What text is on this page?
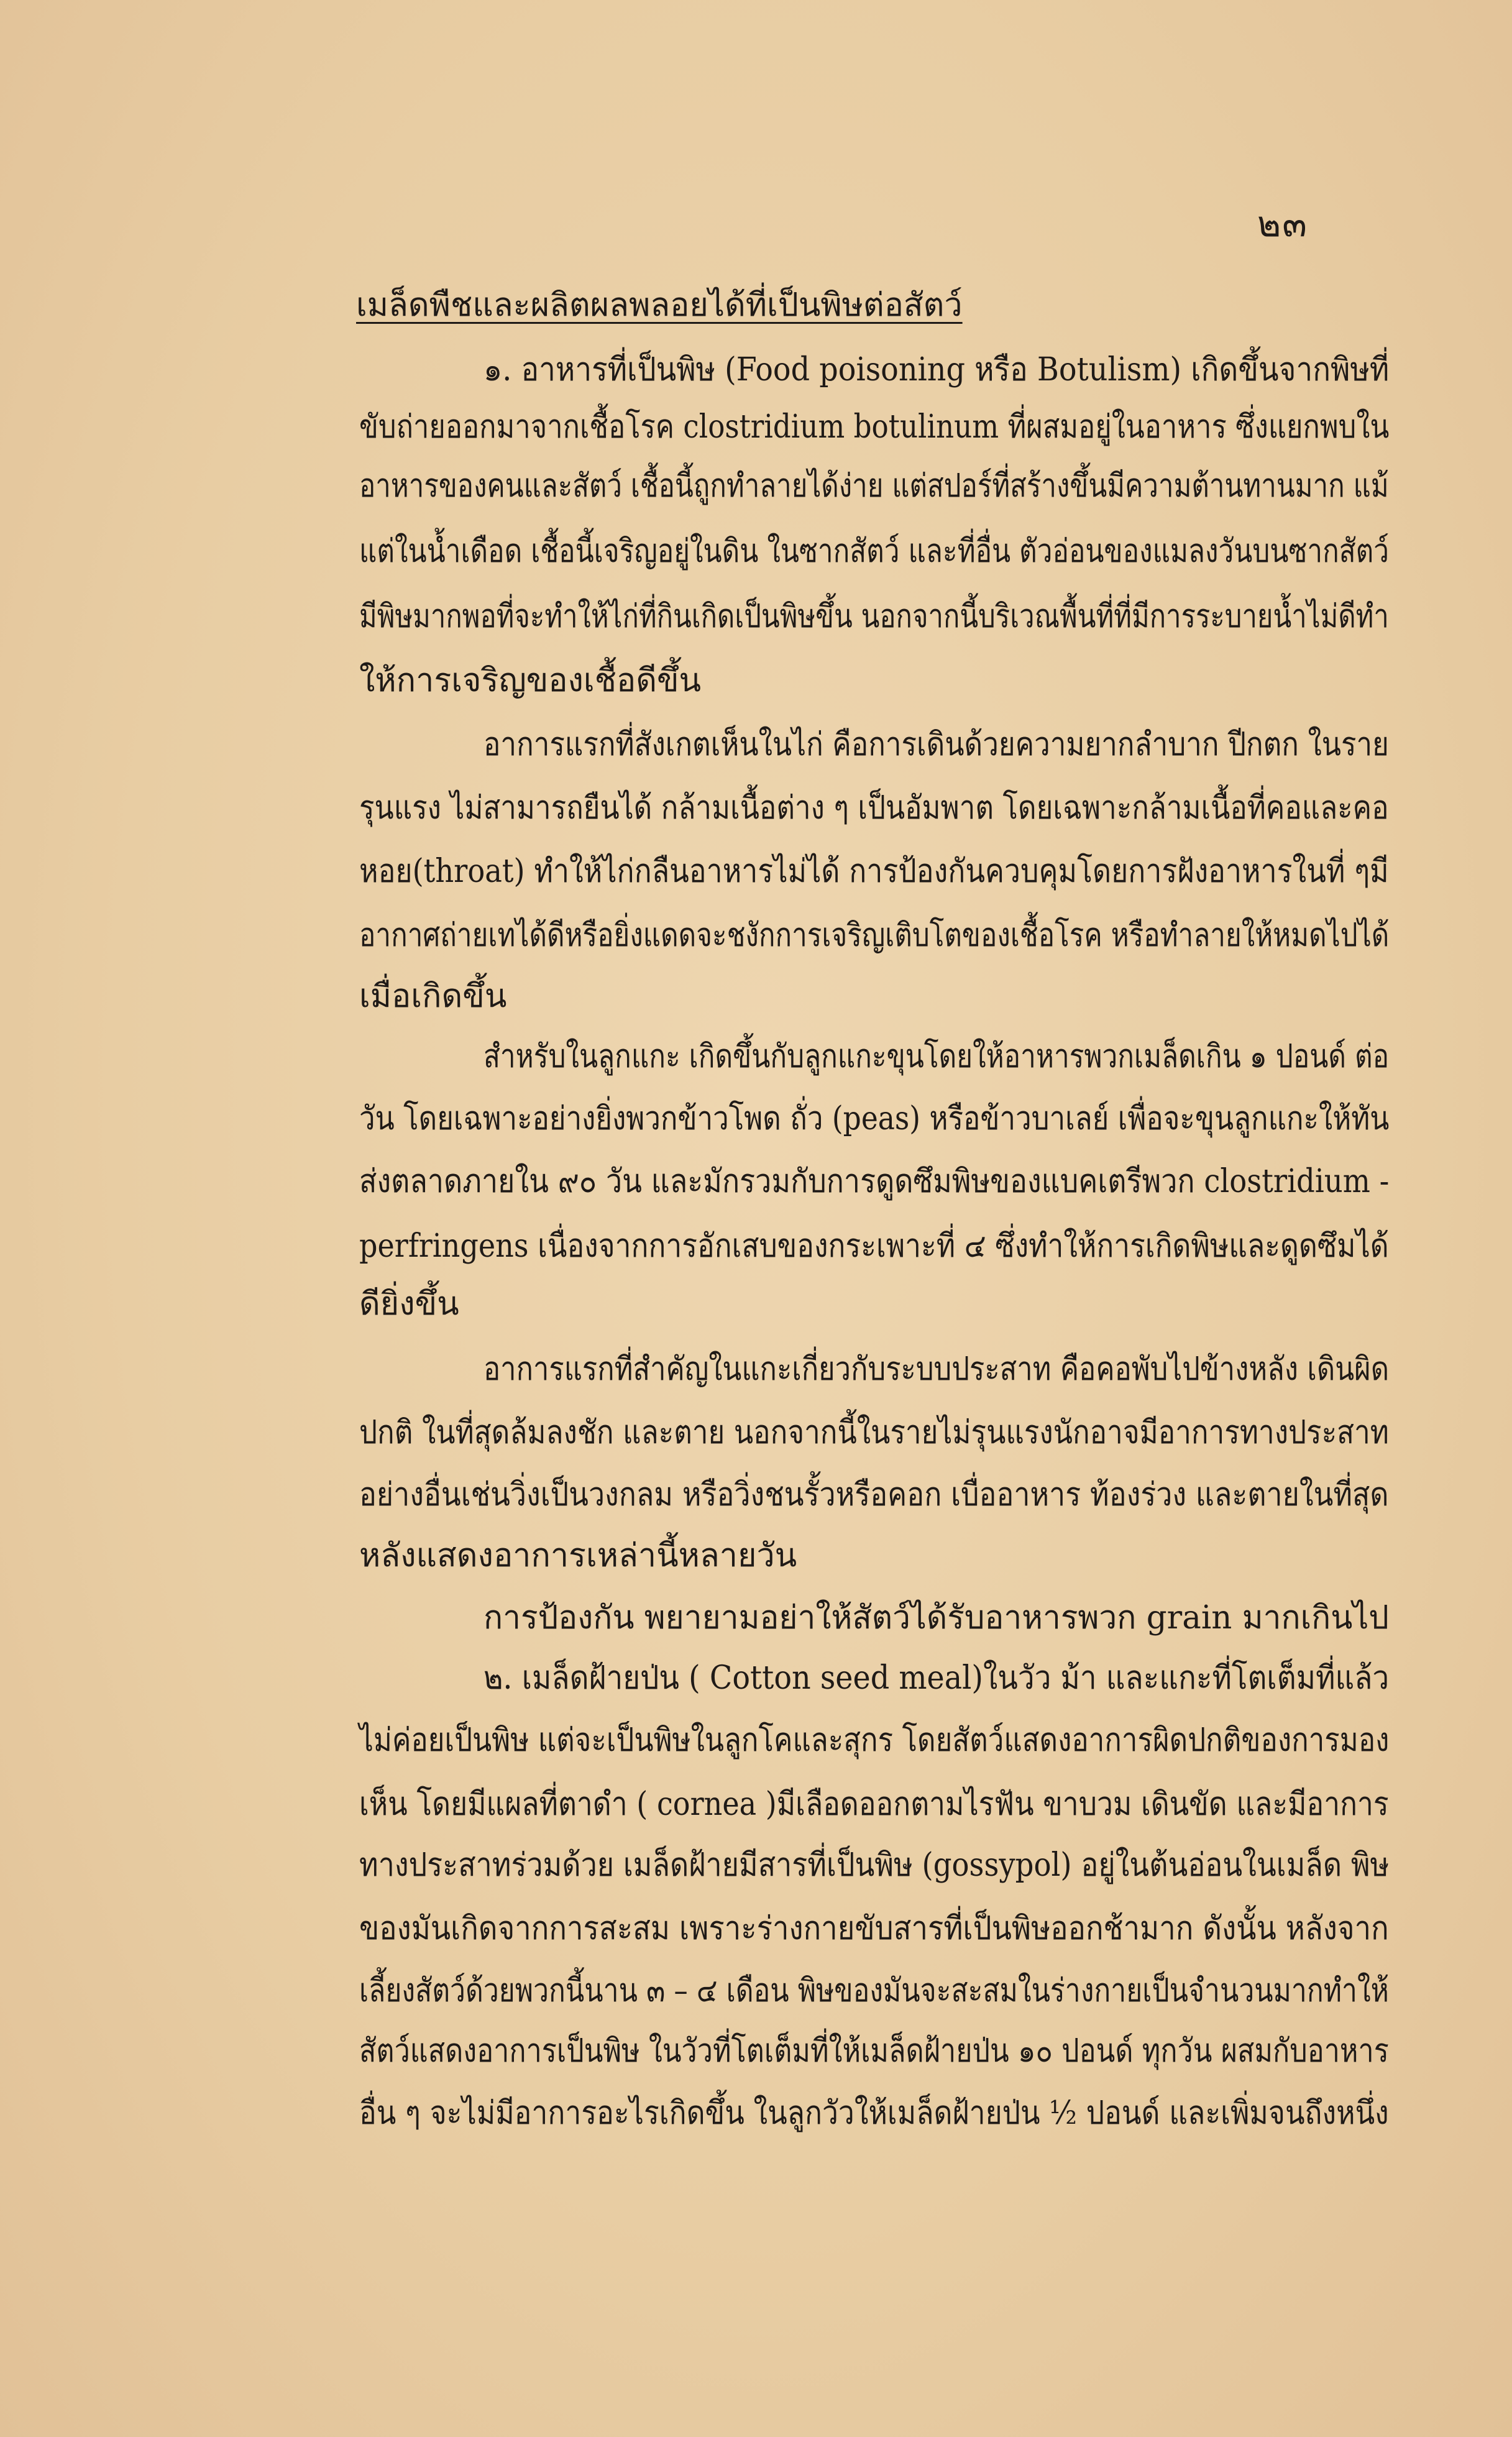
๒๓
เมล็ดพืชและผลิตผลพลอยได้ที่เป็นพิษต่อสัตว์
๑. อาหารที่เป็นพิษ (Food poisoning หรือ Botulism) เกิดขึ้นจากพิษที่
ขับถ่ายออกมาจากเชื้อโรค clostridium botulinum ที่ผสมอยู่ในอาหาร ซึ่งแยกพบใน
อาหารของคนและสัตว์ เชื้อนี้ถูกทำลายได้ง่าย แต่สปอร์ที่สร้างขึ้นมีความต้านทานมาก แม้
แต่ในน้ำเดือด เชื้อนี้เจริญอยู่ในดิน ในซากสัตว์ และที่อื่น ตัวอ่อนของแมลงวันบนซากสัตว์
มีพิษมากพอที่จะทำให้ไก่ที่กินเกิดเป็นพิษขึ้น นอกจากนี้บริเวณพื้นที่ที่มีการระบายน้ำไม่ดีทำ
ให้การเจริญของเชื้อดีขึ้น
อาการแรกที่สังเกตเห็นในไก่ คือการเดินด้วยความยากลำบาก ปีกตก ในราย
รุนแรง ไม่สามารถยืนได้ กล้ามเนื้อต่าง ๆ เป็นอัมพาต โดยเฉพาะกล้ามเนื้อที่คอและคอ
หอย(throat) ทำให้ไก่กลืนอาหารไม่ได้ การป้องกันควบคุมโดยการฝังอาหารในที่ ๆมี
อากาศถ่ายเทได้ดีหรือยิ่งแดดจะชงักการเจริญเติบโตของเชื้อโรค หรือทำลายให้หมดไปได้
เมื่อเกิดขึ้น
สำหรับในลูกแกะ เกิดขึ้นกับลูกแกะขุนโดยให้อาหารพวกเมล็ดเกิน ๑ ปอนด์ ต่อ
วัน โดยเฉพาะอย่างยิ่งพวกข้าวโพด ถั่ว (peas) หรือข้าวบาเลย์ เพื่อจะขุนลูกแกะให้ทัน
ส่งตลาดภายใน ๙๐ วัน และมักรวมกับการดูดซึมพิษของแบคเตรีพวก clostridium -
perfringens เนื่องจากการอักเสบของกระเพาะที่ ๔ ซึ่งทำให้การเกิดพิษและดูดซึมได้
ดียิ่งขึ้น
อาการแรกที่สำคัญในแกะเกี่ยวกับระบบประสาท คือคอพับไปข้างหลัง เดินผิด
ปกติ ในที่สุดล้มลงชัก และตาย นอกจากนี้ในรายไม่รุนแรงนักอาจมีอาการทางประสาท
อย่างอื่นเช่นวิ่งเป็นวงกลม หรือวิ่งชนรั้วหรือคอก เบื่ออาหาร ท้องร่วง และตายในที่สุด
หลังแสดงอาการเหล่านี้หลายวัน
การป้องกัน พยายามอย่าให้สัตว์ได้รับอาหารพวก grain มากเกินไป
๒. เมล็ดฝ้ายป่น ( Cotton seed meal)ในวัว ม้า และแกะที่โตเต็มที่แล้ว
ไม่ค่อยเป็นพิษ แต่จะเป็นพิษในลูกโคและสุกร โดยสัตว์แสดงอาการผิดปกติของการมอง
เห็น โดยมีแผลที่ตาดำ ( cornea )มีเลือดออกตามไรฟัน ขาบวม เดินขัด และมีอาการ
ทางประสาทร่วมด้วย เมล็ดฝ้ายมีสารที่เป็นพิษ (gossypol) อยู่ในต้นอ่อนในเมล็ด พิษ
ของมันเกิดจากการสะสม เพราะร่างกายขับสารที่เป็นพิษออกช้ามาก ดังนั้น หลังจาก
เลี้ยงสัตว์ด้วยพวกนี้นาน ๓ – ๔ เดือน พิษของมันจะสะสมในร่างกายเป็นจำนวนมากทำให้
สัตว์แสดงอาการเป็นพิษ ในวัวที่โตเต็มที่ให้เมล็ดฝ้ายป่น ๑๐ ปอนด์ ทุกวัน ผสมกับอาหาร
อื่น ๆ จะไม่มีอาการอะไรเกิดขึ้น ในลูกวัวให้เมล็ดฝ้ายป่น ½ ปอนด์ และเพิ่มจนถึงหนึ่ง
